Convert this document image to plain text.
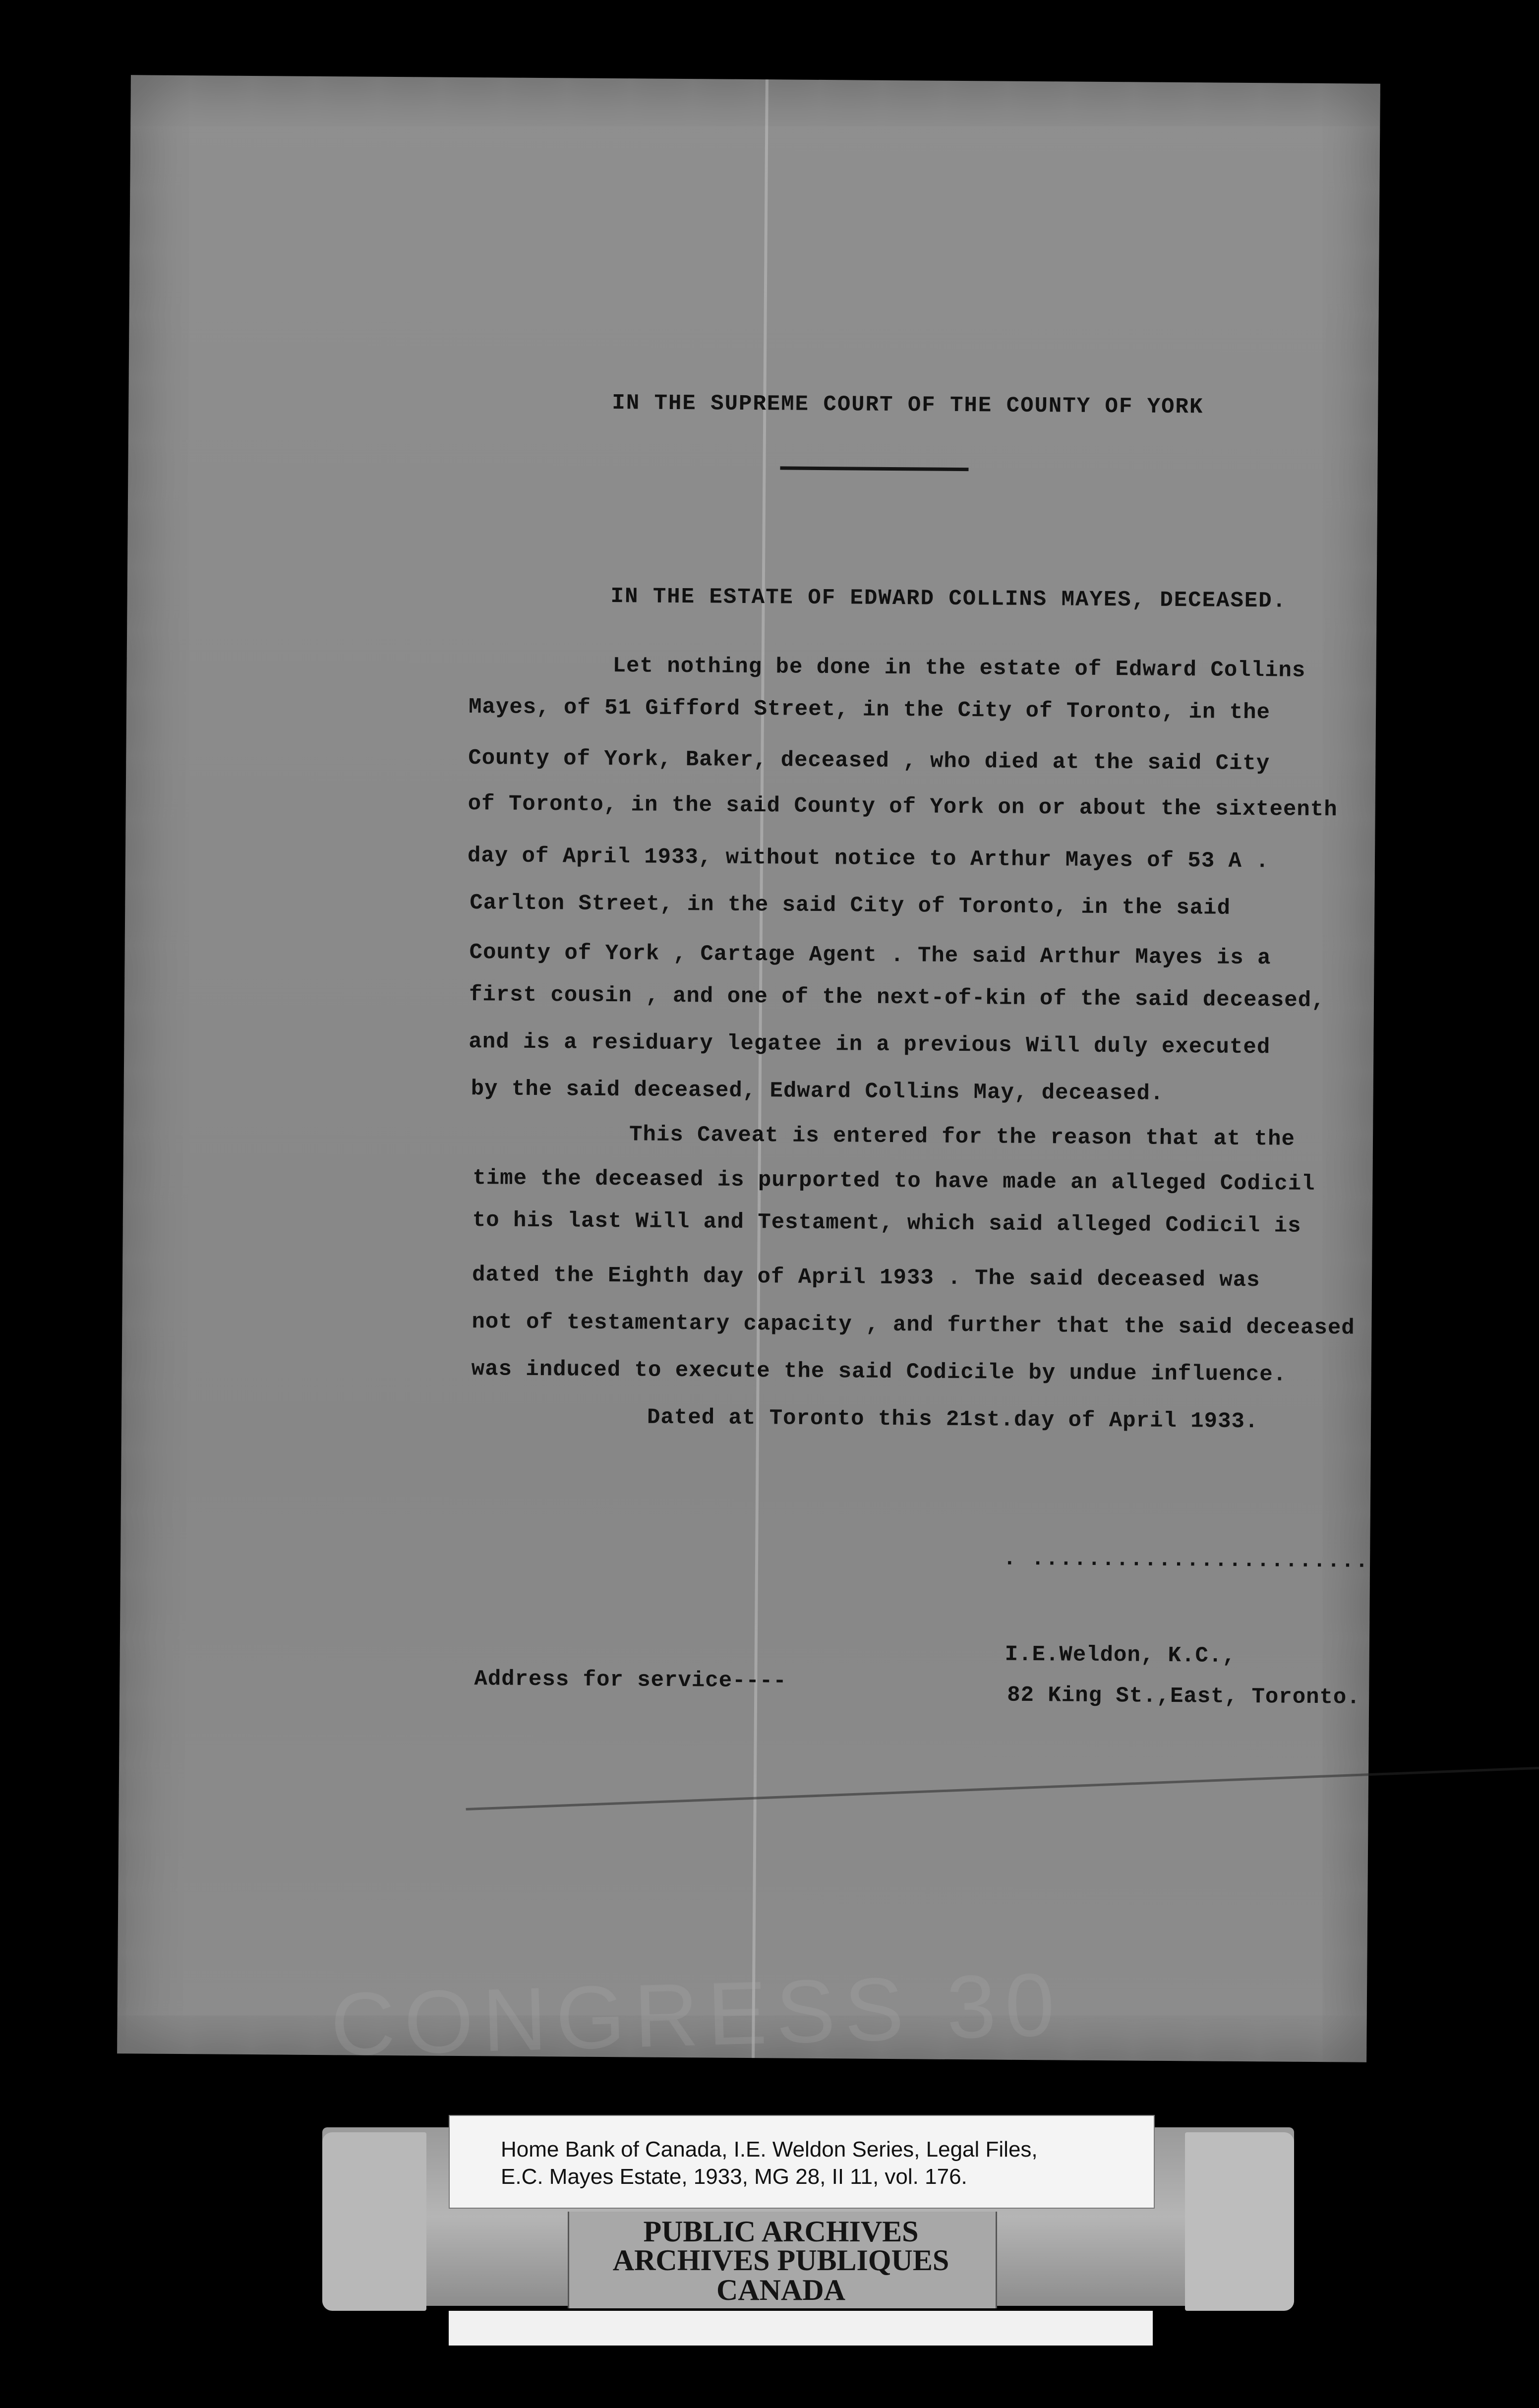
CONGRESS 30
IN THE SUPREME COURT OF THE COUNTY OF YORK
IN THE ESTATE OF EDWARD COLLINS MAYES, DECEASED.
Let nothing be done in the estate of Edward Collins
Mayes, of 51 Gifford Street, in the City of Toronto, in the
County of York, Baker, deceased , who died at the said City
of Toronto, in the said County of York on or about the sixteenth
day of April 1933, without notice to Arthur Mayes of 53 A .
Carlton Street, in the said City of Toronto, in the said
County of York , Cartage Agent . The said Arthur Mayes is a
first cousin , and one of the next-of-kin of the said deceased,
and is a residuary legatee in a previous Will duly executed
by the said deceased, Edward Collins May, deceased.
This Caveat is entered for the reason that at the
time the deceased is purported to have made an alleged Codicil
to his last Will and Testament, which said alleged Codicil is
dated the Eighth day of April 1933 . The said deceased was
not of testamentary capacity , and further that the said deceased
was induced to execute the said Codicile by undue influence.
Dated at Toronto this 21st.day of April 1933.
. ........................
Address for service----
I.E.Weldon, K.C.,
82 King St.,East, Toronto.
Home Bank of Canada, I.E. Weldon Series, Legal Files,
E.C. Mayes Estate, 1933, MG 28, II 11, vol. 176.
PUBLIC ARCHIVES
ARCHIVES PUBLIQUES
CANADA
